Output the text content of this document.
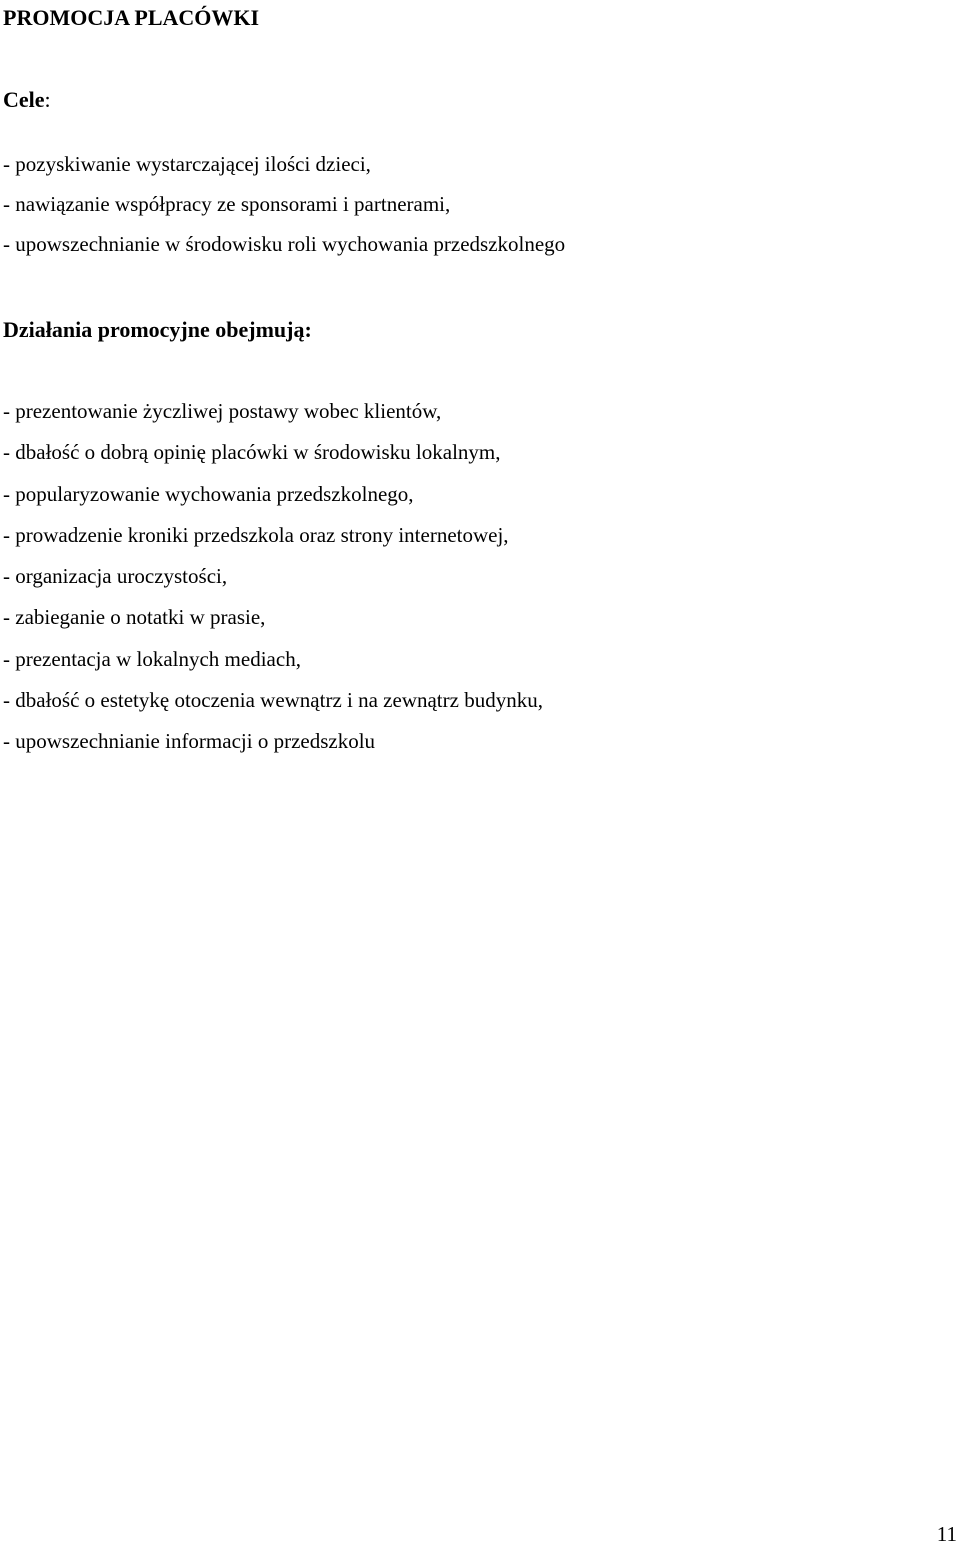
PROMOCJA PLACÓWKI

Cele:

- pozyskiwanie wystarczającej ilości dzieci,
- nawiązanie współpracy ze sponsorami i partnerami,
- upowszechnianie w środowisku roli wychowania przedszkolnego

Działania promocyjne obejmują:

- prezentowanie życzliwej postawy wobec klientów,
- dbałość o dobrą opinię placówki w środowisku lokalnym,
- popularyzowanie wychowania przedszkolnego,
- prowadzenie kroniki przedszkola oraz strony internetowej,
- organizacja uroczystości,
- zabieganie o notatki w prasie,
- prezentacja w lokalnych mediach,
- dbałość o estetykę otoczenia wewnątrz i na zewnątrz budynku,
- upowszechnianie informacji o przedszkolu
11
